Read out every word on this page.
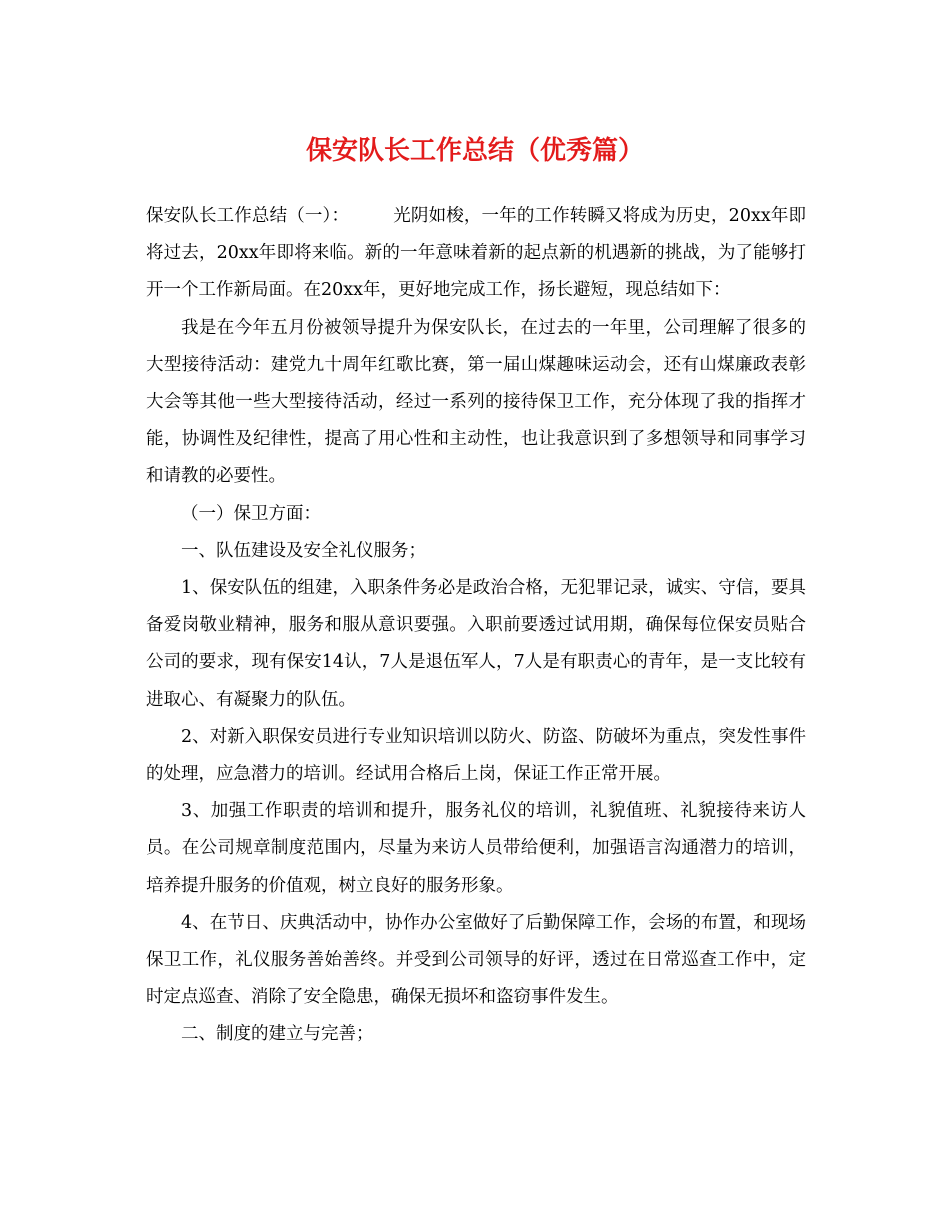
保安队长工作总结（优秀篇）

保安队长工作总结（一）：	光阴如梭，一年的工作转瞬又将成为历史，20xx年即将过去，20xx年即将来临。新的一年意味着新的起点新的机遇新的挑战，为了能够打开一个工作新局面。在20xx年，更好地完成工作，扬长避短，现总结如下：

我是在今年五月份被领导提升为保安队长，在过去的一年里，公司理解了很多的大型接待活动：建党九十周年红歌比赛，第一届山煤趣味运动会，还有山煤廉政表彰大会等其他一些大型接待活动，经过一系列的接待保卫工作，充分体现了我的指挥才能，协调性及纪律性，提高了用心性和主动性，也让我意识到了多想领导和同事学习和请教的必要性。

（一）保卫方面：

一、队伍建设及安全礼仪服务；

1、保安队伍的组建，入职条件务必是政治合格，无犯罪记录，诚实、守信，要具备爱岗敬业精神，服务和服从意识要强。入职前要透过试用期，确保每位保安员贴合公司的要求，现有保安14认，7人是退伍军人，7人是有职责心的青年，是一支比较有进取心、有凝聚力的队伍。

2、对新入职保安员进行专业知识培训以防火、防盗、防破坏为重点，突发性事件的处理，应急潜力的培训。经试用合格后上岗，保证工作正常开展。

3、加强工作职责的培训和提升，服务礼仪的培训，礼貌值班、礼貌接待来访人员。在公司规章制度范围内，尽量为来访人员带给便利，加强语言沟通潜力的培训，培养提升服务的价值观，树立良好的服务形象。

4、在节日、庆典活动中，协作办公室做好了后勤保障工作，会场的布置，和现场保卫工作，礼仪服务善始善终。并受到公司领导的好评，透过在日常巡查工作中，定时定点巡查、消除了安全隐患，确保无损坏和盗窃事件发生。

二、制度的建立与完善；
